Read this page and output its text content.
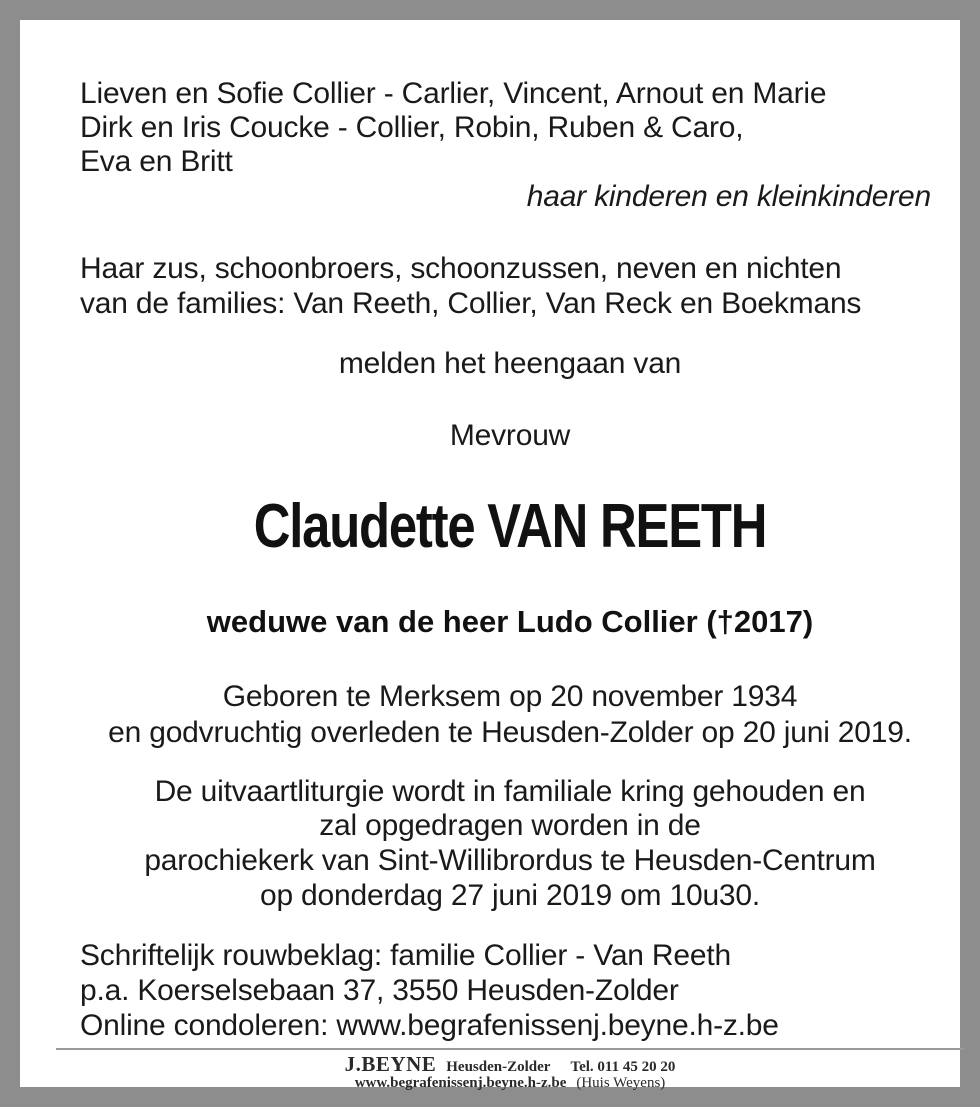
Lieven en Sofie Collier - Carlier, Vincent, Arnout en Marie
Dirk en Iris Coucke - Collier, Robin, Ruben & Caro,
Eva en Britt
haar kinderen en kleinkinderen
Haar zus, schoonbroers, schoonzussen, neven en nichten
van de families: Van Reeth, Collier, Van Reck en Boekmans
melden het heengaan van
Mevrouw
Claudette VAN REETH
weduwe van de heer Ludo Collier (†2017)
Geboren te Merksem op 20 november 1934
en godvruchtig overleden te Heusden-Zolder op 20 juni 2019.
De uitvaartliturgie wordt in familiale kring gehouden en
zal opgedragen worden in de
parochiekerk van Sint-Willibrordus te Heusden-Centrum
op donderdag 27 juni 2019 om 10u30.
Schriftelijk rouwbeklag: familie Collier - Van Reeth
p.a. Koerselsebaan 37, 3550 Heusden-Zolder
Online condoleren: www.begrafenissenj.beyne.h-z.be
J.BEYNE Heusden-Zolder Tel. 011 45 20 20
www.begrafenissenj.beyne.h-z.be (Huis Weyens)
